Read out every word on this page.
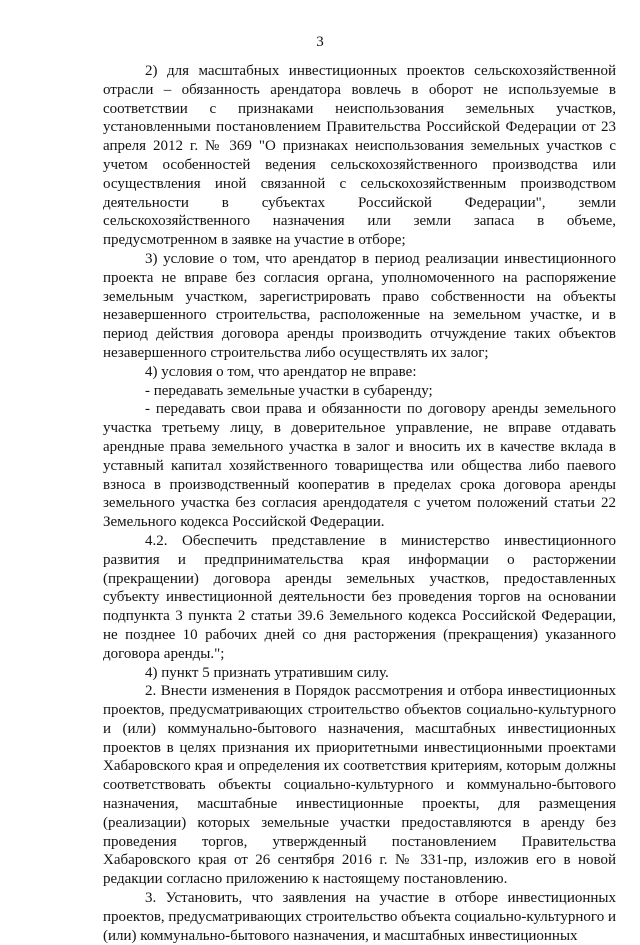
3

2) для масштабных инвестиционных проектов сельскохозяйственной отрасли – обязанность арендатора вовлечь в оборот не используемые в соответствии с признаками неиспользования земельных участков, установленными постановлением Правительства Российской Федерации от 23 апреля 2012 г. № 369 "О признаках неиспользования земельных участков с учетом особенностей ведения сельскохозяйственного производства или осуществления иной связанной с сельскохозяйственным производством деятельности в субъектах Российской Федерации", земли сельскохозяйственного назначения или земли запаса в объеме, предусмотренном в заявке на участие в отборе;

3) условие о том, что арендатор в период реализации инвестиционного проекта не вправе без согласия органа, уполномоченного на распоряжение земельным участком, зарегистрировать право собственности на объекты незавершенного строительства, расположенные на земельном участке, и в период действия договора аренды производить отчуждение таких объектов незавершенного строительства либо осуществлять их залог;

4) условия о том, что арендатор не вправе:

- передавать земельные участки в субаренду;

- передавать свои права и обязанности по договору аренды земельного участка третьему лицу, в доверительное управление, не вправе отдавать арендные права земельного участка в залог и вносить их в качестве вклада в уставный капитал хозяйственного товарищества или общества либо паевого взноса в производственный кооператив в пределах срока договора аренды земельного участка без согласия арендодателя с учетом положений статьи 22 Земельного кодекса Российской Федерации.

4.2. Обеспечить представление в министерство инвестиционного развития и предпринимательства края информации о расторжении (прекращении) договора аренды земельных участков, предоставленных субъекту инвестиционной деятельности без проведения торгов на основании подпункта 3 пункта 2 статьи 39.6 Земельного кодекса Российской Федерации, не позднее 10 рабочих дней со дня расторжения (прекращения) указанного договора аренды.";

4) пункт 5 признать утратившим силу.

2. Внести изменения в Порядок рассмотрения и отбора инвестиционных проектов, предусматривающих строительство объектов социально-культурного и (или) коммунально-бытового назначения, масштабных инвестиционных проектов в целях признания их приоритетными инвестиционными проектами Хабаровского края и определения их соответствия критериям, которым должны соответствовать объекты социально-культурного и коммунально-бытового назначения, масштабные инвестиционные проекты, для размещения (реализации) которых земельные участки предоставляются в аренду без проведения торгов, утвержденный постановлением Правительства Хабаровского края от 26 сентября 2016 г. № 331-пр, изложив его в новой редакции согласно приложению к настоящему постановлению.

3. Установить, что заявления на участие в отборе инвестиционных проектов, предусматривающих строительство объекта социально-культурного и (или) коммунально-бытового назначения, и масштабных инвестиционных
